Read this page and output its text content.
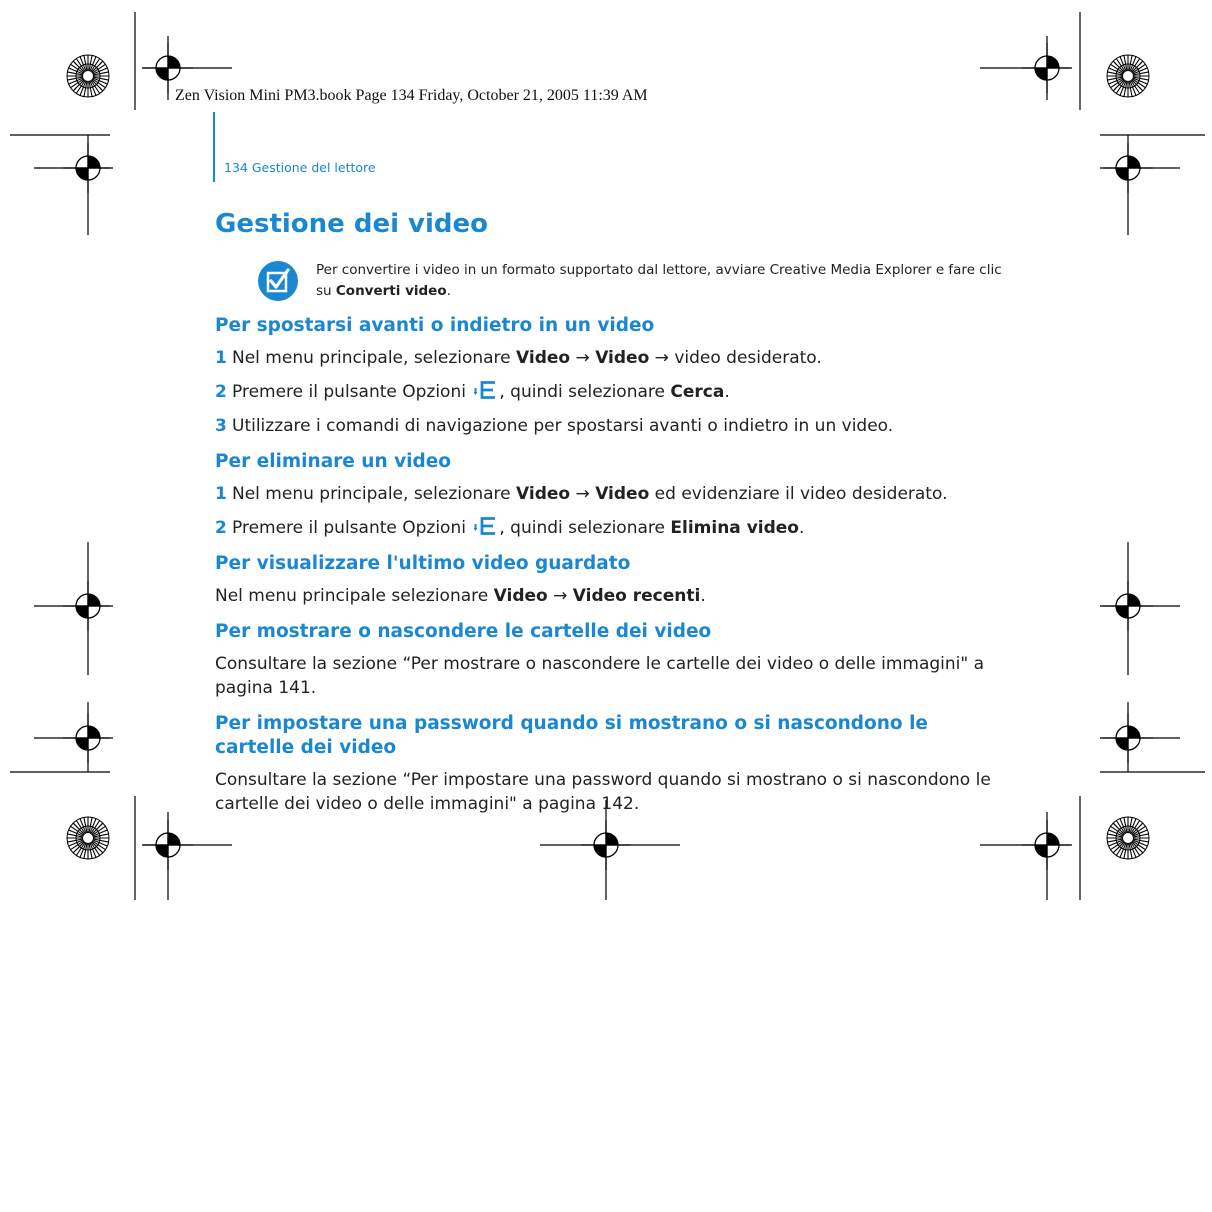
Zen Vision Mini PM3.book Page 134 Friday, October 21, 2005 11:39 AM
134 Gestione del lettore
Gestione dei video
Per convertire i video in un formato supportato dal lettore, avviare Creative Media Explorer e fare clic su Converti video.
Per spostarsi avanti o indietro in un video
1 Nel menu principale, selezionare Video → Video → video desiderato.
2 Premere il pulsante Opzioni , quindi selezionare Cerca.
3 Utilizzare i comandi di navigazione per spostarsi avanti o indietro in un video.
Per eliminare un video
1 Nel menu principale, selezionare Video → Video ed evidenziare il video desiderato.
2 Premere il pulsante Opzioni , quindi selezionare Elimina video.
Per visualizzare l'ultimo video guardato

Nel menu principale selezionare Video → Video recenti.

Per mostrare o nascondere le cartelle dei video

Consultare la sezione “Per mostrare o nascondere le cartelle dei video o delle immagini" a pagina 141.

Per impostare una password quando si mostrano o si nascondono le cartelle dei video

Consultare la sezione “Per impostare una password quando si mostrano o si nascondono le cartelle dei video o delle immagini" a pagina 142.
